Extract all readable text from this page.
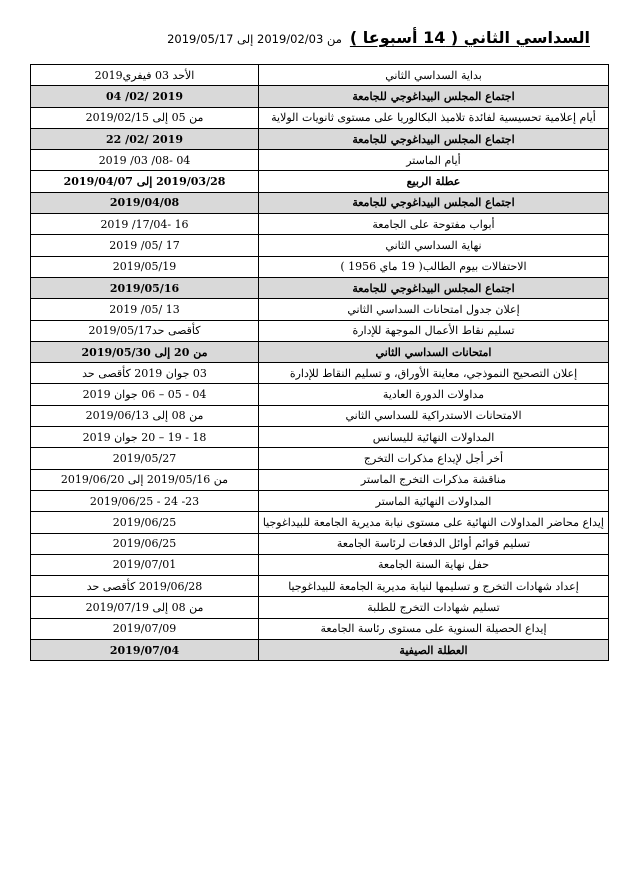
السداسي الثاني ( 14 أسبوعا )
من 2019/02/03 إلى 2019/05/17
بداية السداسي الثاني	الأحد 03 فيفري2019
اجتماع المجلس البيداغوجي للجامعة	2019 /02/ 04
أيام إعلامية تحسيسية لفائدة تلاميذ البكالوريا على مستوى ثانويات الولاية	من 05 إلى 2019/02/15
اجتماع المجلس البيداغوجي للجامعة	2019 /02/ 22
أيام الماستر	04 -08/ 03/ 2019
عطلة الربيع	2019/03/28 إلى 2019/04/07
اجتماع المجلس البيداغوجي للجامعة	2019/04/08
أبواب مفتوحة على الجامعة	16 -17/04/ 2019
نهاية السداسي الثاني	17 /05/ 2019
الاحتفالات بيوم الطالب( 19 ماي 1956 )	2019/05/19
اجتماع المجلس البيداغوجي للجامعة	2019/05/16
إعلان جدول امتحانات السداسي الثاني	13 /05/ 2019
تسليم نقاط الأعمال الموجهة للإدارة	كأقصى حد2019/05/17
امتحانات السداسي الثاني	من 20 إلى 2019/05/30
إعلان التصحيح النموذجي، معاينة الأوراق، و تسليم النقاط للإدارة	03 جوان 2019 كأقصى حد
مداولات الدورة العادية	04 - 05 – 06 جوان 2019
الامتحانات الاستدراكية للسداسي الثاني	من 08 إلى 2019/06/13
المداولات النهائية لليسانس	18 - 19 – 20 جوان 2019
أخر أجل لإيداع مذكرات التخرج	2019/05/27
مناقشة مذكرات التخرج الماستر	من 2019/05/16 إلى 2019/06/20
المداولات النهائية الماستر	23- 24 - 2019/06/25
إيداع محاضر المداولات النهائية على مستوى نيابة مديرية الجامعة للبيداغوجيا	2019/06/25
تسليم قوائم أوائل الدفعات لرئاسة الجامعة	2019/06/25
حفل نهاية السنة الجامعة	2019/07/01
إعداد شهادات التخرج و تسليمها لنيابة مديرية الجامعة للبيداغوجيا	2019/06/28 كأقصى حد
تسليم شهادات التخرج للطلبة	من 08 إلى 2019/07/19
إيداع الحصيلة السنوية على مستوى رئاسة الجامعة	2019/07/09
العطلة الصيفية	2019/07/04
